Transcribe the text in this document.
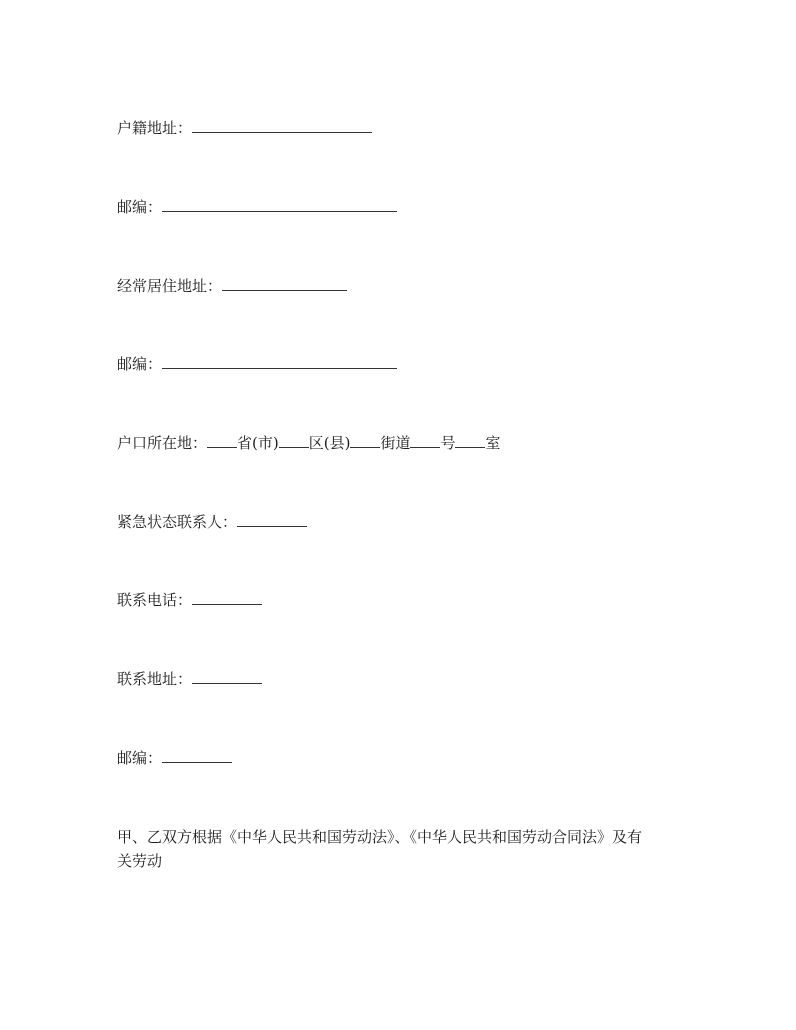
户籍地址：
邮编：
经常居住地址：
邮编：
户口所在地： 省(市) 区(县) 街道 号 室
紧急状态联系人：
联系电话：
联系地址：
邮编：
甲、乙双方根据《中华人民共和国劳动法》、《中华人民共和国劳动合同法》及有
关劳动
